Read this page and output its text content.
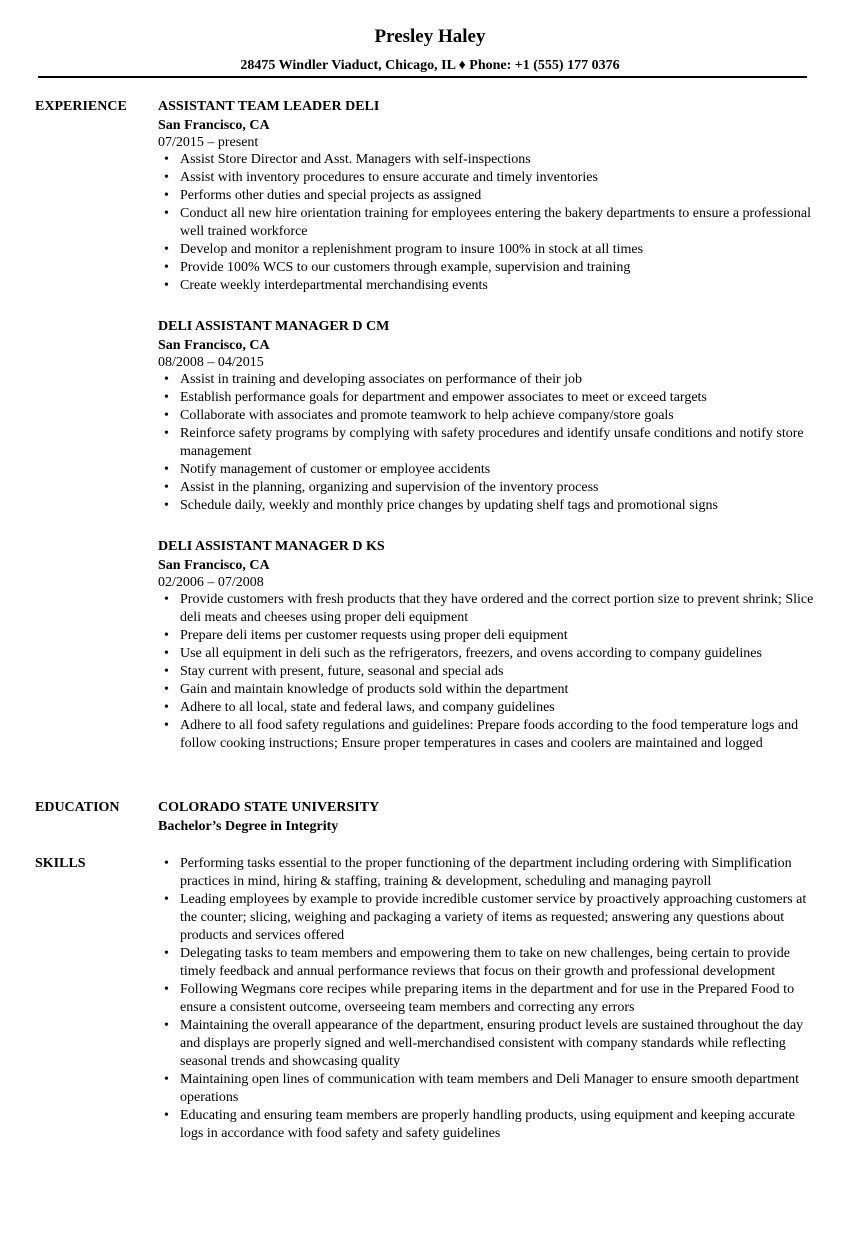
Presley Haley
28475 Windler Viaduct, Chicago, IL ♦ Phone: +1 (555) 177 0376
EXPERIENCE ASSISTANT TEAM LEADER DELI
San Francisco, CA
07/2015 – present
• Assist Store Director and Asst. Managers with self-inspections
• Assist with inventory procedures to ensure accurate and timely inventories
• Performs other duties and special projects as assigned
• Conduct all new hire orientation training for employees entering the bakery departments to ensure a professional well trained workforce
• Develop and monitor a replenishment program to insure 100% in stock at all times
• Provide 100% WCS to our customers through example, supervision and training
• Create weekly interdepartmental merchandising events
DELI ASSISTANT MANAGER D CM
San Francisco, CA
08/2008 – 04/2015
• Assist in training and developing associates on performance of their job
• Establish performance goals for department and empower associates to meet or exceed targets
• Collaborate with associates and promote teamwork to help achieve company/store goals
• Reinforce safety programs by complying with safety procedures and identify unsafe conditions and notify store management
• Notify management of customer or employee accidents
• Assist in the planning, organizing and supervision of the inventory process
• Schedule daily, weekly and monthly price changes by updating shelf tags and promotional signs
DELI ASSISTANT MANAGER D KS
San Francisco, CA
02/2006 – 07/2008
• Provide customers with fresh products that they have ordered and the correct portion size to prevent shrink; Slice deli meats and cheeses using proper deli equipment
• Prepare deli items per customer requests using proper deli equipment
• Use all equipment in deli such as the refrigerators, freezers, and ovens according to company guidelines
• Stay current with present, future, seasonal and special ads
• Gain and maintain knowledge of products sold within the department
• Adhere to all local, state and federal laws, and company guidelines
• Adhere to all food safety regulations and guidelines: Prepare foods according to the food temperature logs and follow cooking instructions; Ensure proper temperatures in cases and coolers are maintained and logged
EDUCATION	COLORADO STATE UNIVERSITY
Bachelor’s Degree in Integrity
SKILLS
•	Performing tasks essential to the proper functioning of the department including ordering with Simplification practices in mind, hiring & staffing, training & development, scheduling and managing payroll
• Leading employees by example to provide incredible customer service by proactively approaching customers at the counter; slicing, weighing and packaging a variety of items as requested; answering any questions about products and services offered
• Delegating tasks to team members and empowering them to take on new challenges, being certain to provide timely feedback and annual performance reviews that focus on their growth and professional development
• Following Wegmans core recipes while preparing items in the department and for use in the Prepared Food to ensure a consistent outcome, overseeing team members and correcting any errors
• Maintaining the overall appearance of the department, ensuring product levels are sustained throughout the day and displays are properly signed and well-merchandised consistent with company standards while reflecting seasonal trends and showcasing quality
• Maintaining open lines of communication with team members and Deli Manager to ensure smooth department operations
• Educating and ensuring team members are properly handling products, using equipment and keeping accurate logs in accordance with food safety and safety guidelines
